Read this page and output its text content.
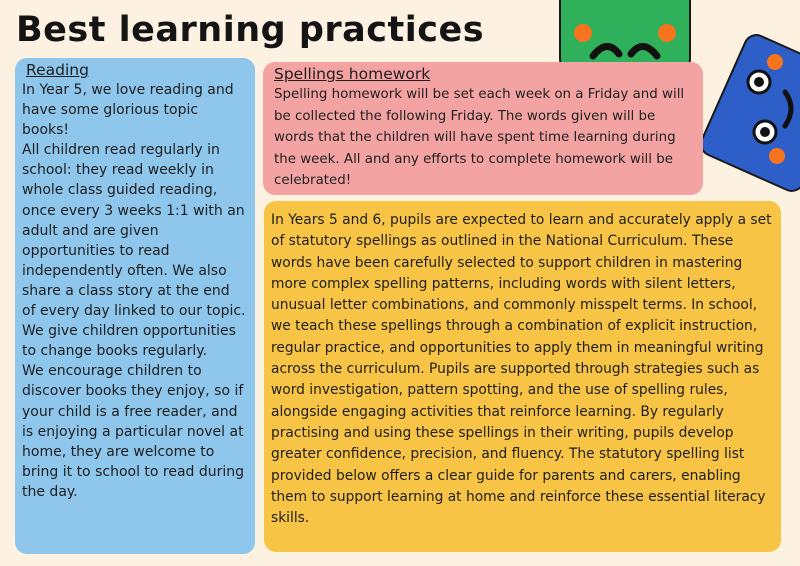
Best learning practices
Reading
In Year 5, we love reading and have some glorious topic books!
All children read regularly in school: they read weekly in whole class guided reading, once every 3 weeks 1:1 with an adult and are given opportunities to read independently often. We also share a class story at the end of every day linked to our topic.
We give children opportunities to change books regularly.
We encourage children to discover books they enjoy, so if your child is a free reader, and is enjoying a particular novel at home, they are welcome to bring it to school to read during the day.
Spellings homework

Spelling homework will be set each week on a Friday and will be collected the following Friday. The words given will be words that the children will have spent time learning during the week. All and any efforts to complete homework will be celebrated!

In Years 5 and 6, pupils are expected to learn and accurately apply a set of statutory spellings as outlined in the National Curriculum. These words have been carefully selected to support children in mastering more complex spelling patterns, including words with silent letters, unusual letter combinations, and commonly misspelt terms. In school, we teach these spellings through a combination of explicit instruction, regular practice, and opportunities to apply them in meaningful writing across the curriculum. Pupils are supported through strategies such as word investigation, pattern spotting, and the use of spelling rules, alongside engaging activities that reinforce learning. By regularly practising and using these spellings in their writing, pupils develop greater confidence, precision, and fluency. The statutory spelling list provided below offers a clear guide for parents and carers, enabling them to support learning at home and reinforce these essential literacy skills.
